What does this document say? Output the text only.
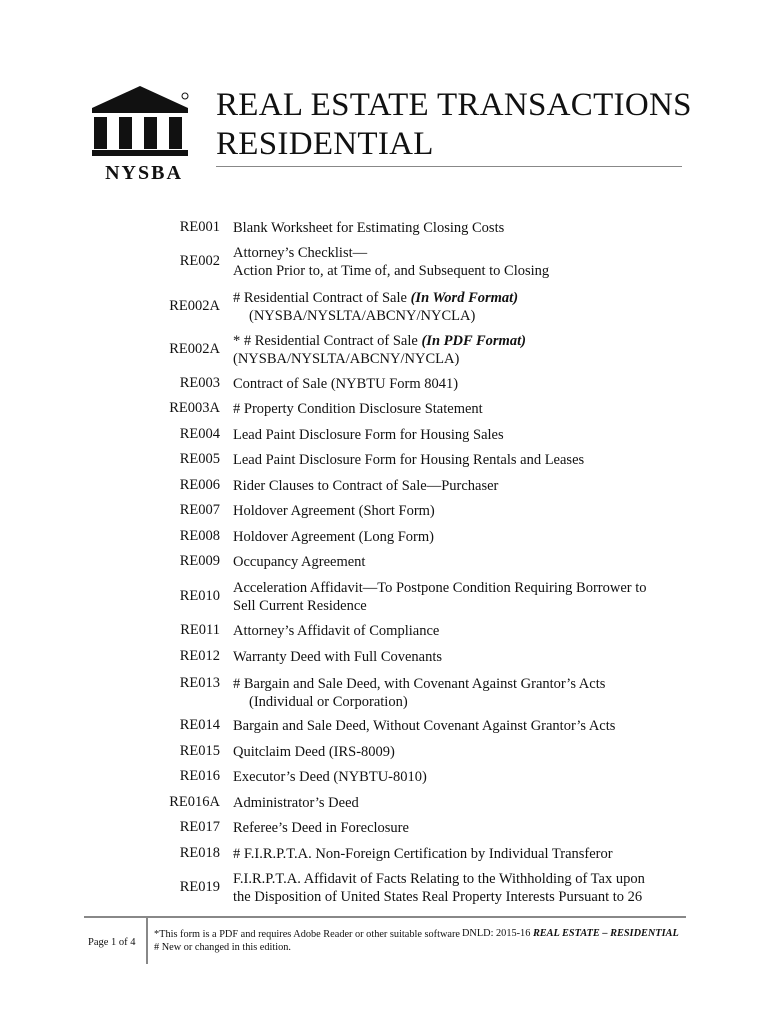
NYSBA
REAL ESTATE TRANSACTIONS
RESIDENTIAL
RE001 Blank Worksheet for Estimating Closing Costs
RE002 Attorney’s Checklist—
Action Prior to, at Time of, and Subsequent to Closing
RE002A # Residential Contract of Sale (In Word Format)
(NYSBA/NYSLTA/ABCNY/NYCLA)
RE002A * # Residential Contract of Sale (In PDF Format)
(NYSBA/NYSLTA/ABCNY/NYCLA)
RE003 Contract of Sale (NYBTU Form 8041)
RE003A # Property Condition Disclosure Statement
RE004 Lead Paint Disclosure Form for Housing Sales
RE005 Lead Paint Disclosure Form for Housing Rentals and Leases
RE006 Rider Clauses to Contract of Sale—Purchaser
RE007 Holdover Agreement (Short Form)
RE008 Holdover Agreement (Long Form)
RE009 Occupancy Agreement
RE010 Acceleration Affidavit—To Postpone Condition Requiring Borrower to
Sell Current Residence
RE011 Attorney’s Affidavit of Compliance
RE012 Warranty Deed with Full Covenants
RE013 # Bargain and Sale Deed, with Covenant Against Grantor’s Acts
(Individual or Corporation)
RE014 Bargain and Sale Deed, Without Covenant Against Grantor’s Acts
RE015 Quitclaim Deed (IRS-8009)
RE016 Executor’s Deed (NYBTU-8010)
RE016A Administrator’s Deed
RE017 Referee’s Deed in Foreclosure
RE018 # F.I.R.P.T.A. Non-Foreign Certification by Individual Transferor
RE019 F.I.R.P.T.A. Affidavit of Facts Relating to the Withholding of Tax upon
the Disposition of United States Real Property Interests Pursuant to 26
Page 1 of 4
*This form is a PDF and requires Adobe Reader or other suitable software
# New or changed in this edition.
DNLD: 2015-16 REAL ESTATE – RESIDENTIAL
